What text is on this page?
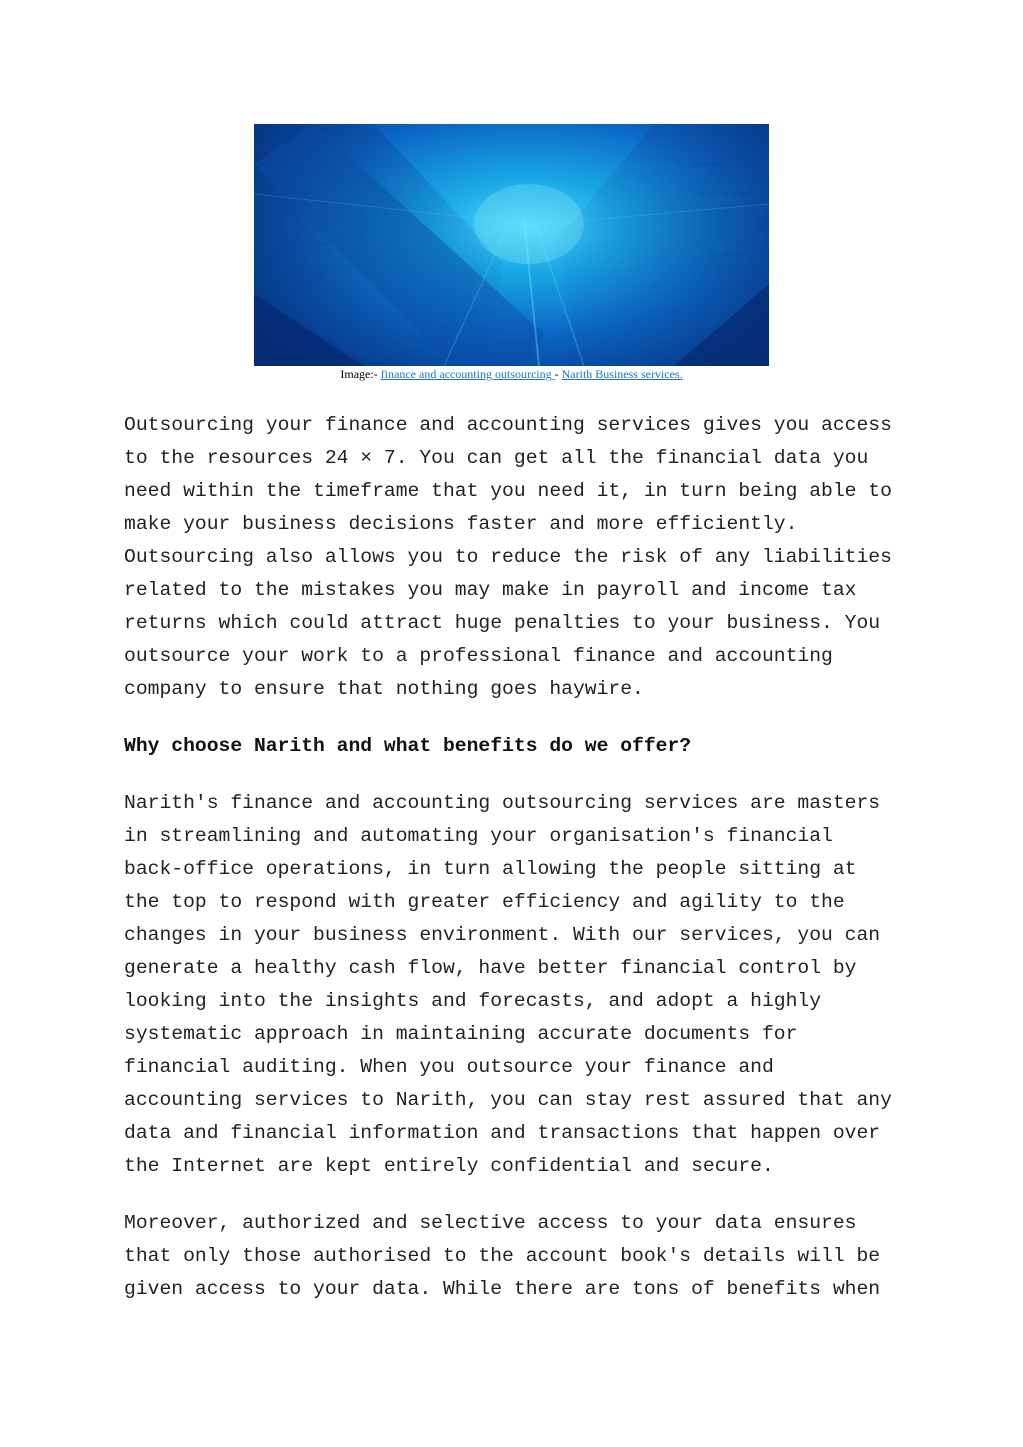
Image:- finance and accounting outsourcing - Narith Business services.

Outsourcing your finance and accounting services gives you access
to the resources 24 × 7. You can get all the financial data you
need within the timeframe that you need it, in turn being able to
make your business decisions faster and more efficiently.
Outsourcing also allows you to reduce the risk of any liabilities
related to the mistakes you may make in payroll and income tax
returns which could attract huge penalties to your business. You
outsource your work to a professional finance and accounting
company to ensure that nothing goes haywire.

Why choose Narith and what benefits do we offer?

Narith's finance and accounting outsourcing services are masters
in streamlining and automating your organisation's financial
back-office operations, in turn allowing the people sitting at
the top to respond with greater efficiency and agility to the
changes in your business environment. With our services, you can
generate a healthy cash flow, have better financial control by
looking into the insights and forecasts, and adopt a highly
systematic approach in maintaining accurate documents for
financial auditing. When you outsource your finance and
accounting services to Narith, you can stay rest assured that any
data and financial information and transactions that happen over
the Internet are kept entirely confidential and secure.

Moreover, authorized and selective access to your data ensures
that only those authorised to the account book's details will be
given access to your data. While there are tons of benefits when
